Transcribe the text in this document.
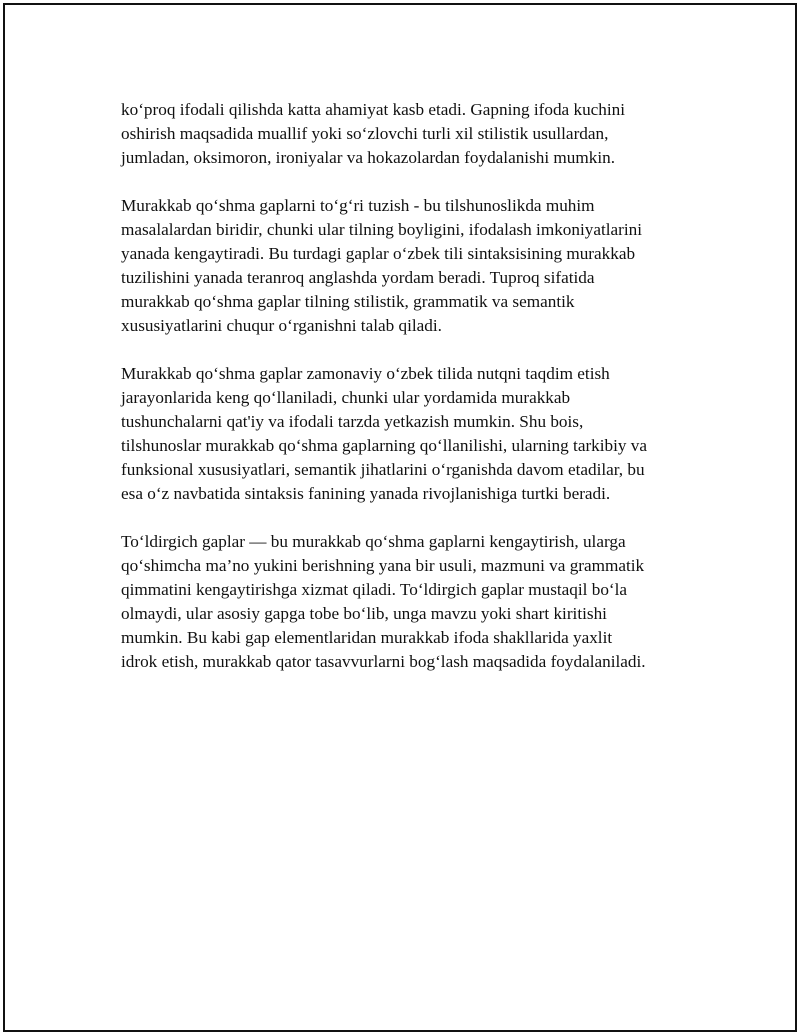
ko‘proq ifodali qilishda katta ahamiyat kasb etadi. Gapning ifoda kuchini
oshirish maqsadida muallif yoki so‘zlovchi turli xil stilistik usullardan,
jumladan, oksimoron, ironiyalar va hokazolardan foydalanishi mumkin.

Murakkab qo‘shma gaplarni to‘g‘ri tuzish - bu tilshunoslikda muhim
masalalardan biridir, chunki ular tilning boyligini, ifodalash imkoniyatlarini
yanada kengaytiradi. Bu turdagi gaplar o‘zbek tili sintaksisining murakkab
tuzilishini yanada teranroq anglashda yordam beradi. Tuproq sifatida
murakkab qo‘shma gaplar tilning stilistik, grammatik va semantik
xususiyatlarini chuqur o‘rganishni talab qiladi.

Murakkab qo‘shma gaplar zamonaviy o‘zbek tilida nutqni taqdim etish
jarayonlarida keng qo‘llaniladi, chunki ular yordamida murakkab
tushunchalarni qat'iy va ifodali tarzda yetkazish mumkin. Shu bois,
tilshunoslar murakkab qo‘shma gaplarning qo‘llanilishi, ularning tarkibiy va
funksional xususiyatlari, semantik jihatlarini o‘rganishda davom etadilar, bu
esa o‘z navbatida sintaksis fanining yanada rivojlanishiga turtki beradi.

To‘ldirgich gaplar — bu murakkab qo‘shma gaplarni kengaytirish, ularga
qo‘shimcha ma’no yukini berishning yana bir usuli, mazmuni va grammatik
qimmatini kengaytirishga xizmat qiladi. To‘ldirgich gaplar mustaqil bo‘la
olmaydi, ular asosiy gapga tobe bo‘lib, unga mavzu yoki shart kiritishi
mumkin. Bu kabi gap elementlaridan murakkab ifoda shakllarida yaxlit
idrok etish, murakkab qator tasavvurlarni bog‘lash maqsadida foydalaniladi.
